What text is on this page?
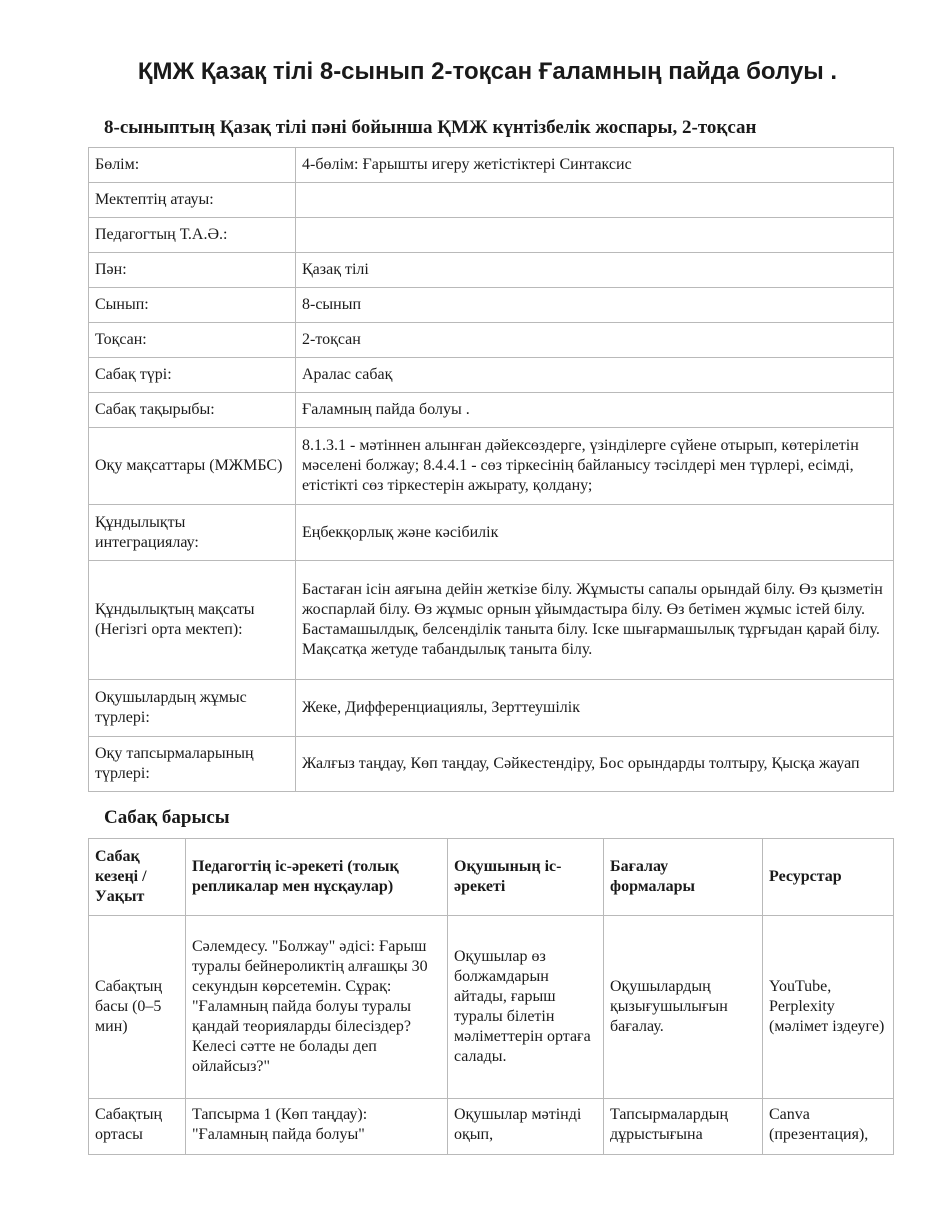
ҚМЖ Қазақ тілі 8-сынып 2-тоқсан Ғаламның пайда болуы .
8-сыныптың Қазақ тілі пәні бойынша ҚМЖ күнтізбелік жоспары, 2-тоқсан
Бөлім:	4-бөлім: Ғарышты игеру жетістіктері Синтаксис
Мектептің атауы:	
Педагогтың Т.А.Ә.:	
Пән:	Қазақ тілі
Сынып:	8-сынып
Тоқсан:	2-тоқсан
Сабақ түрі:	Аралас сабақ
Сабақ тақырыбы:	Ғаламның пайда болуы .
Оқу мақсаттары (МЖМБС)	8.1.3.1 - мәтіннен алынған дәйексөздерге, үзінділерге сүйене отырып, көтерілетін мәселені болжау; 8.4.4.1 - сөз тіркесінің байланысу тәсілдері мен түрлері, есімді, етістікті сөз тіркестерін ажырату, қолдану;
Құндылықты интеграциялау:	Еңбекқорлық және кәсібилік
Құндылықтың мақсаты (Негізгі орта мектеп):	Бастаған ісін аяғына дейін жеткізе білу. Жұмысты сапалы орындай білу. Өз қызметін жоспарлай білу. Өз жұмыс орнын ұйымдастыра білу. Өз бетімен жұмыс істей білу. Бастамашылдық, белсенділік таныта білу. Іске шығармашылық тұрғыдан қарай білу. Мақсатқа жетуде табандылық таныта білу.
Оқушылардың жұмыс түрлері:	Жеке, Дифференциациялы, Зерттеушілік
Оқу тапсырмаларының түрлері:	Жалғыз таңдау, Көп таңдау, Сәйкестендіру, Бос орындарды толтыру, Қысқа жауап
Сабақ барысы
Сабақ кезеңі / Уақыт	Педагогтің іс-әрекеті (толық репликалар мен нұсқаулар)	Оқушының іс-әрекеті	Бағалау формалары	Ресурстар
Сабақтың басы (0–5 мин)	Сәлемдесу. "Болжау" әдісі: Ғарыш туралы бейнероликтің алғашқы 30 секундын көрсетемін. Сұрақ: "Ғаламның пайда болуы туралы қандай теорияларды білесіздер? Келесі сәтте не болады деп ойлайсыз?"	Оқушылар өз болжамдарын айтады, ғарыш туралы білетін мәліметтерін ортаға салады.	Оқушылардың қызығушылығын бағалау.	YouTube, Perplexity (мәлімет іздеуге)
Сабақтың ортасы	Тапсырма 1 (Көп таңдау): "Ғаламның пайда болуы"	Оқушылар мәтінді оқып,	Тапсырмалардың дұрыстығына	Canva (презентация),
